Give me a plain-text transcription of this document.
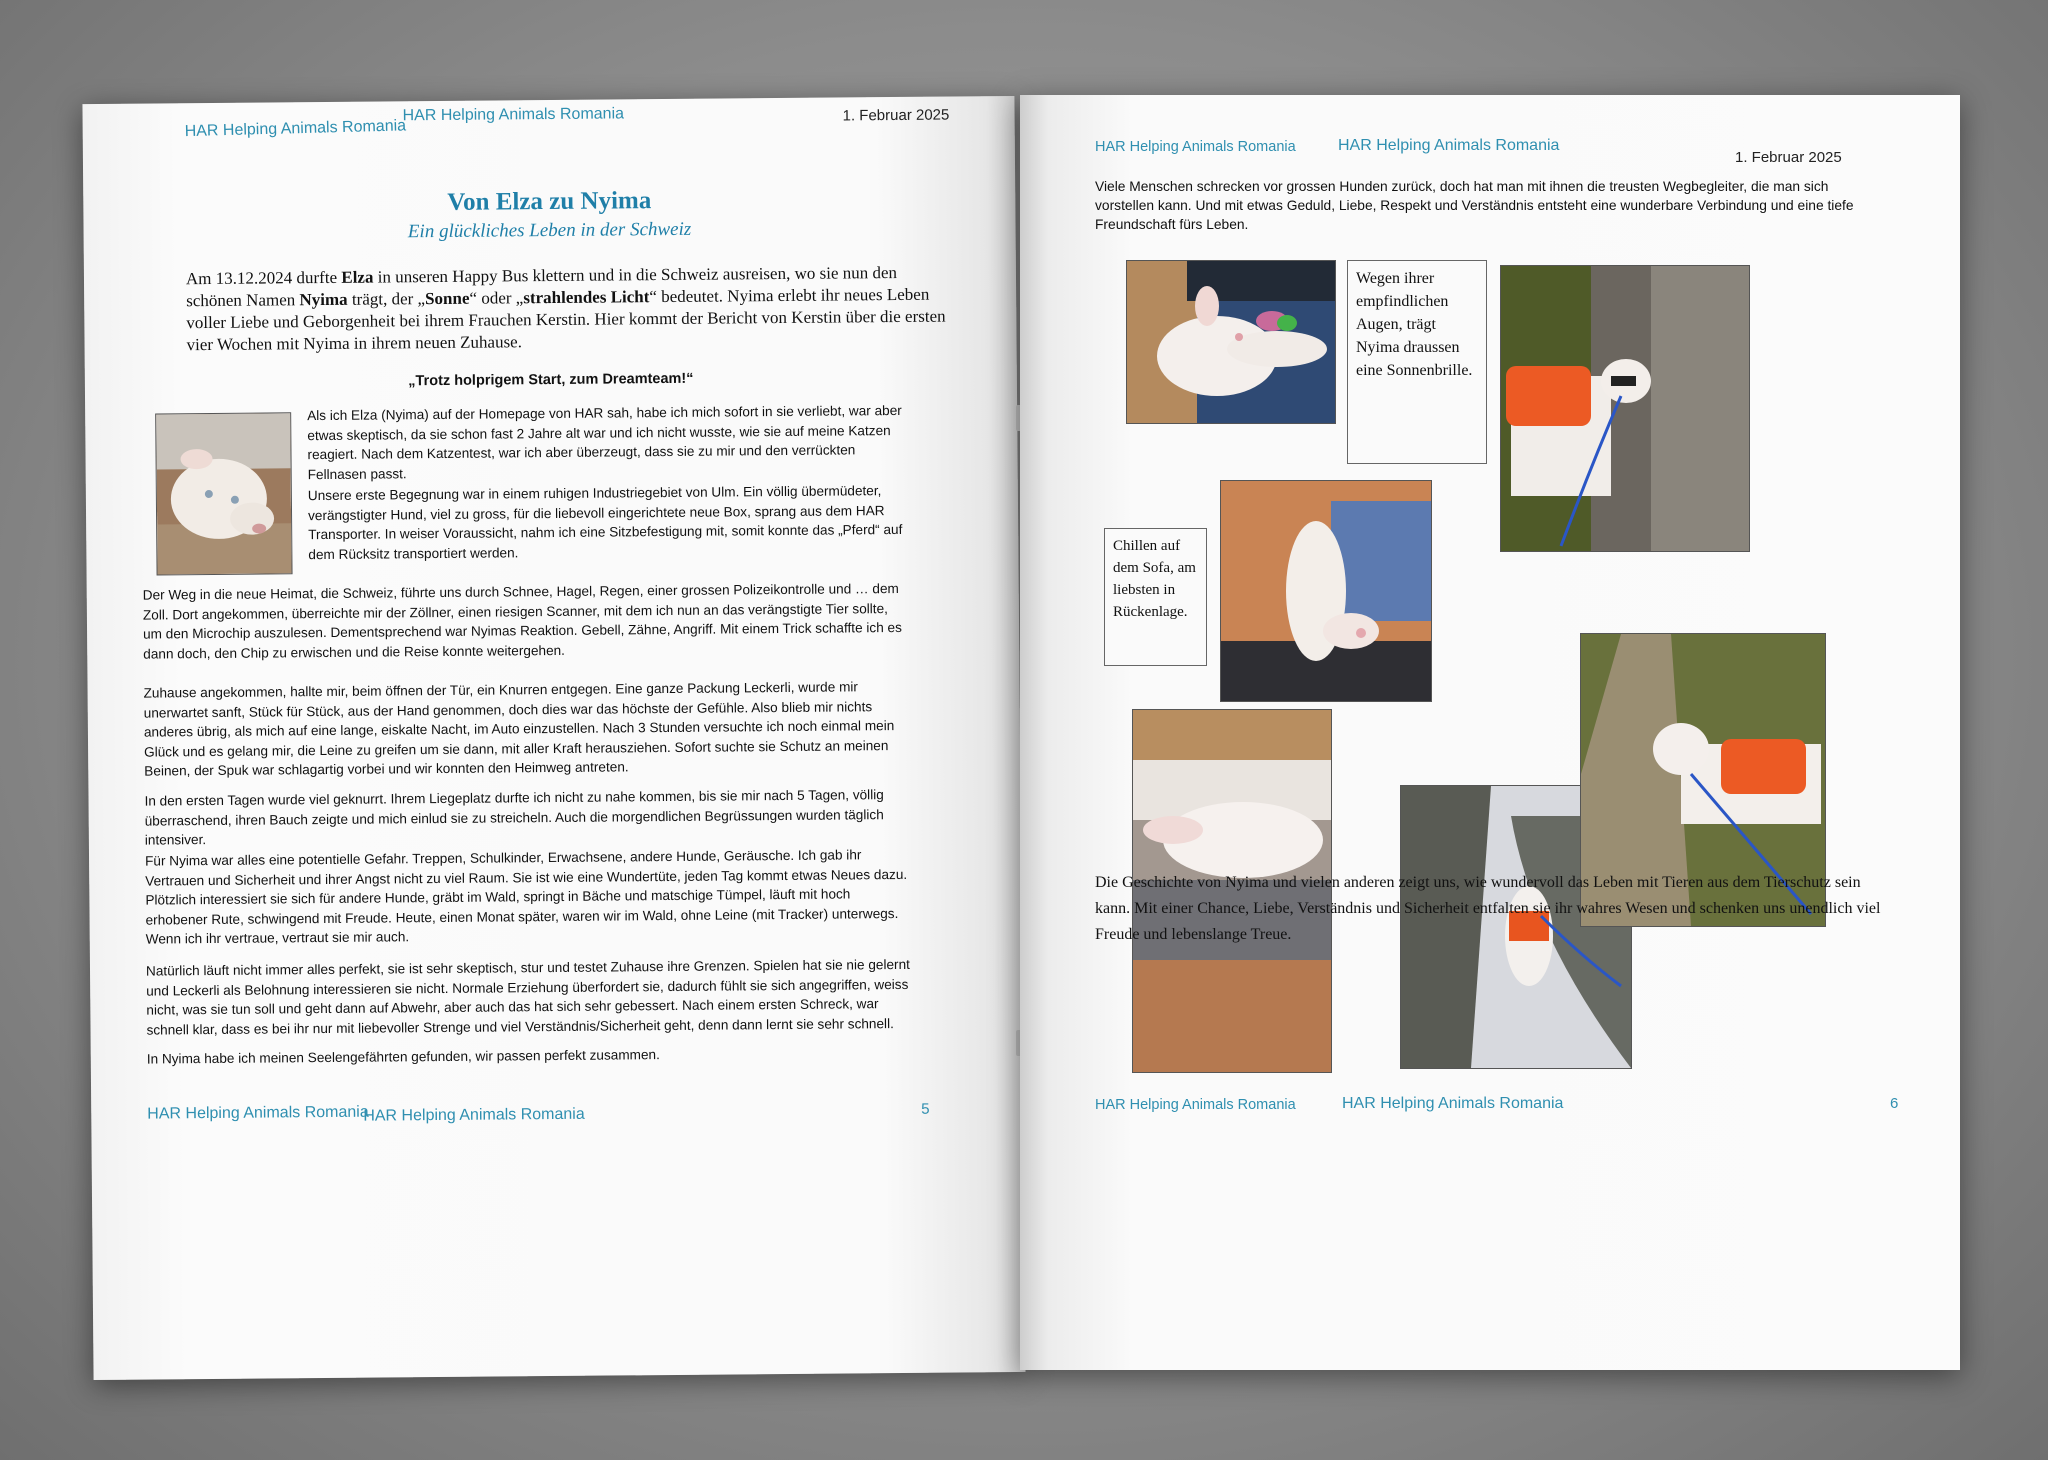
HAR Helping Animals Romania
HAR Helping Animals Romania	1. Februar 2025
Von Elza zu Nyima
Ein glückliches Leben in der Schweiz
Am 13.12.2024 durfte Elza in unseren Happy Bus klettern und in die Schweiz ausreisen, wo sie nun den schönen Namen Nyima trägt, der „Sonne“ oder „strahlendes Licht“ bedeutet. Nyima erlebt ihr neues Leben voller Liebe und Geborgenheit bei ihrem Frauchen Kerstin. Hier kommt der Bericht von Kerstin über die ersten vier Wochen mit Nyima in ihrem neuen Zuhause.
„Trotz holprigem Start, zum Dreamteam!“

Als ich Elza (Nyima) auf der Homepage von HAR sah, habe ich mich sofort in sie verliebt, war aber etwas skeptisch, da sie schon fast 2 Jahre alt war und ich nicht wusste, wie sie auf meine Katzen reagiert. Nach dem Katzentest, war ich aber überzeugt, dass sie zu mir und den verrückten Fellnasen passt.

Unsere erste Begegnung war in einem ruhigen Industriegebiet von Ulm. Ein völlig übermüdeter, verängstigter Hund, viel zu gross, für die liebevoll eingerichtete neue Box, sprang aus dem HAR Transporter. In weiser Voraussicht, nahm ich eine Sitzbefestigung mit, somit konnte das „Pferd“ auf dem Rücksitz transportiert werden.

Der Weg in die neue Heimat, die Schweiz, führte uns durch Schnee, Hagel, Regen, einer grossen Polizeikontrolle und … dem Zoll. Dort angekommen, überreichte mir der Zöllner, einen riesigen Scanner, mit dem ich nun an das verängstigte Tier sollte, um den Microchip auszulesen. Dementsprechend war Nyimas Reaktion. Gebell, Zähne, Angriff. Mit einem Trick schaffte ich es dann doch, den Chip zu erwischen und die Reise konnte weitergehen.

Zuhause angekommen, hallte mir, beim öffnen der Tür, ein Knurren entgegen. Eine ganze Packung Leckerli, wurde mir unerwartet sanft, Stück für Stück, aus der Hand genommen, doch dies war das höchste der Gefühle. Also blieb mir nichts anderes übrig, als mich auf eine lange, eiskalte Nacht, im Auto einzustellen. Nach 3 Stunden versuchte ich noch einmal mein Glück und es gelang mir, die Leine zu greifen um sie dann, mit aller Kraft herausziehen. Sofort suchte sie Schutz an meinen Beinen, der Spuk war schlagartig vorbei und wir konnten den Heimweg antreten.

In den ersten Tagen wurde viel geknurrt. Ihrem Liegeplatz durfte ich nicht zu nahe kommen, bis sie mir nach 5 Tagen, völlig überraschend, ihren Bauch zeigte und mich einlud sie zu streicheln. Auch die morgendlichen Begrüssungen wurden täglich intensiver.

Für Nyima war alles eine potentielle Gefahr. Treppen, Schulkinder, Erwachsene, andere Hunde, Geräusche. Ich gab ihr Vertrauen und Sicherheit und ihrer Angst nicht zu viel Raum. Sie ist wie eine Wundertüte, jeden Tag kommt etwas Neues dazu. Plötzlich interessiert sie sich für andere Hunde, gräbt im Wald, springt in Bäche und matschige Tümpel, läuft mit hoch erhobener Rute, schwingend mit Freude. Heute, einen Monat später, waren wir im Wald, ohne Leine (mit Tracker) unterwegs. Wenn ich ihr vertraue, vertraut sie mir auch.

Natürlich läuft nicht immer alles perfekt, sie ist sehr skeptisch, stur und testet Zuhause ihre Grenzen. Spielen hat sie nie gelernt und Leckerli als Belohnung interessieren sie nicht. Normale Erziehung überfordert sie, dadurch fühlt sie sich angegriffen, weiss nicht, was sie tun soll und geht dann auf Abwehr, aber auch das hat sich sehr gebessert. Nach einem ersten Schreck, war schnell klar, dass es bei ihr nur mit liebevoller Strenge und viel Verständnis/Sicherheit geht, denn dann lernt sie sehr schnell.

In Nyima habe ich meinen Seelengefährten gefunden, wir passen perfekt zusammen.

HAR Helping Animals Romania
HAR Helping Animals Romania	5
HAR Helping Animals Romania	HAR Helping Animals Romania
1. Februar 2025
Viele Menschen schrecken vor grossen Hunden zurück, doch hat man mit ihnen die treusten Wegbegleiter, die man sich vorstellen kann. Und mit etwas Geduld, Liebe, Respekt und Verständnis entsteht eine wunderbare Verbindung und eine tiefe Freundschaft fürs Leben.
Wegen ihrer empfindlichen Augen, trägt Nyima draussen eine Sonnenbrille.
Chillen auf dem Sofa, am liebsten in Rückenlage.
Die Geschichte von Nyima und vielen anderen zeigt uns, wie wundervoll das Leben mit Tieren aus dem Tierschutz sein kann. Mit einer Chance, Liebe, Verständnis und Sicherheit entfalten sie ihr wahres Wesen und schenken uns unendlich viel Freude und lebenslange Treue.
HAR Helping Animals Romania	HAR Helping Animals Romania	6
